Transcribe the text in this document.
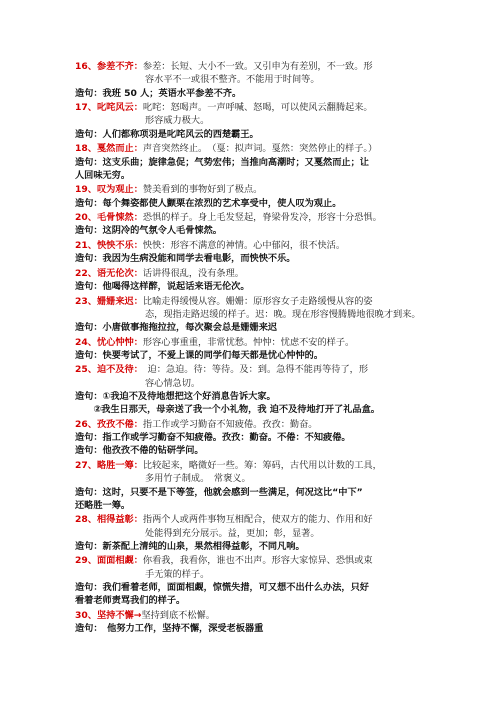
16、参差不齐：参差：长短、大小不一致。又引申为有差别，不一致。形
容水平不一或很不整齐。不能用于时间等。
造句：我班 50 人；英语水平参差不齐。
17、叱咤风云：叱咤：怒喝声。一声呼喊、怒喝，可以使风云翻腾起来。
形容威力极大。
造句：人们都称项羽是叱咤风云的西楚霸王。
18、戛然而止：声音突然终止。　（戛：拟声词。戛然：突然停止的样子。）
造句：这支乐曲；旋律急促；气势宏伟；当推向高潮时；又戛然而止；让
人回味无穷。
19、叹为观止：赞美看到的事物好到了极点。
造句：每个舞姿都使人颤栗在浓烈的艺术享受中，使人叹为观止。
20、毛骨悚然：恐惧的样子。身上毛发竖起，脊梁骨发冷，形容十分恐惧。
造句：这阴冷的气氛令人毛骨悚然。
21、怏怏不乐：怏怏：形容不满意的神情。心中郁闷，很不快活。
造句：我因为生病没能和同学去看电影，而怏怏不乐。
22、语无伦次：话讲得很乱，没有条理。
造句：他喝得这样醉，说起话来语无伦次。
23、姗姗来迟：比喻走得缓慢从容。姗姗：原形容女子走路缓慢从容的姿
态，现指走路迟缓的样子。迟：晚。现在形容慢腾腾地很晚才到来。
造句：小唐做事拖拖拉拉，每次聚会总是姗姗来迟
24、忧心忡忡：形容心事重重，非常忧愁。忡忡：忧虑不安的样子。
造句：快要考试了，不爱上课的同学们每天都是忧心忡忡的。
25、迫不及待：　迫：急迫。待：等待。及：到。急得不能再等待了，形
容心情急切。
造句：①我迫不及待地想把这个好消息告诉大家。
　　②我生日那天，母亲送了我一个小礼物，我 迫不及待地打开了礼品盒。
26、孜孜不倦：指工作或学习勤奋不知疲倦。孜孜：勤奋。
造句：指工作或学习勤奋不知疲倦。孜孜：勤奋。不倦：不知疲倦。
造句：他孜孜不倦的钻研学问。
27、略胜一筹：比较起来，略微好一些。筹：筹码，古代用以计数的工具，
多用竹子制成。　常褒义。
造句：这时，只要不是下等签，他就会感到一些满足，何况这比“中下”
还略胜一筹。
28、相得益彰：指两个人或两件事物互相配合，使双方的能力、作用和好
处能得到充分展示。益，更加；彰，显著。
造句：新茶配上清纯的山泉，果然相得益彰，不同凡响。
29、面面相觑：你看我，我看你，谁也不出声。形容大家惊异、恐惧或束
手无策的样子。
造句：我们看着老师，面面相觑，惊慌失措，可又想不出什么办法，只好
看着老师责骂我们的样子。
30、坚持不懈→坚持到底不松懈。
造句：　他努力工作，坚持不懈，深受老板器重
